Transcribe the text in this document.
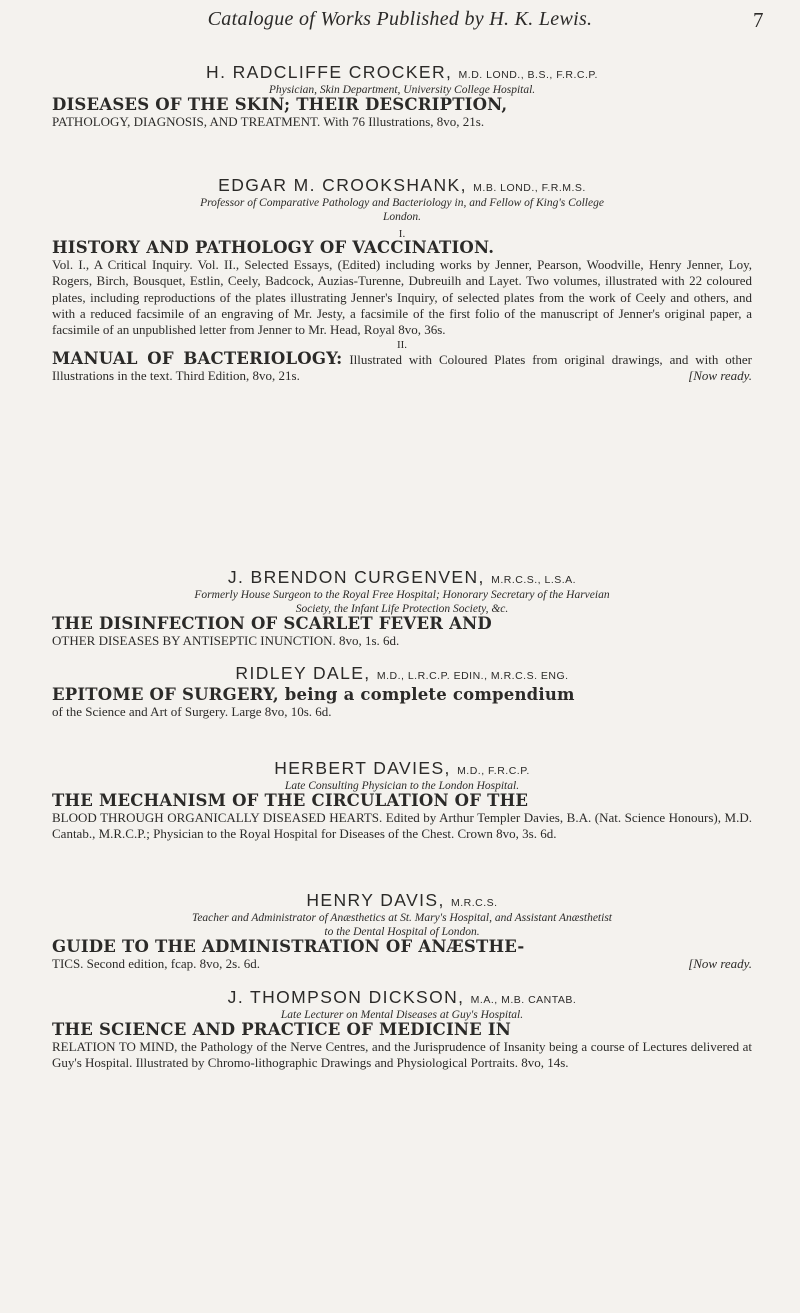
Catalogue of Works Published by H. K. Lewis.	7

H. RADCLIFFE CROCKER, M.D. LOND., B.S., F.R.C.P.

Physician, Skin Department, University College Hospital.

DISEASES OF THE SKIN; THEIR DESCRIPTION,
PATHOLOGY, DIAGNOSIS, AND TREATMENT. With 76 Illustrations, 8vo, 21s.

EDGAR M. CROOKSHANK, M.B. LOND., F.R.M.S.

Professor of Comparative Pathology and Bacteriology in, and Fellow of King's College

London.

I.

HISTORY AND PATHOLOGY OF VACCINATION.
Vol. I., A Critical Inquiry. Vol. II., Selected Essays, (Edited) including works by Jenner, Pearson, Woodville, Henry Jenner, Loy, Rogers, Birch, Bousquet, Estlin, Ceely, Badcock, Auzias-Turenne, Dubreuilh and Layet. Two volumes, illustrated with 22 coloured plates, including reproductions of the plates illustrating Jenner's Inquiry, of selected plates from the work of Ceely and others, and with a reduced facsimile of an engraving of Mr. Jesty, a facsimile of the first folio of the manuscript of Jenner's original paper, a facsimile of an unpublished letter from Jenner to Mr. Head, Royal 8vo, 36s.

II.

MANUAL OF BACTERIOLOGY: Illustrated with Coloured Plates from original drawings, and with other Illustrations in the text. Third Edition, 8vo, 21s.	[Now ready.

J. BRENDON CURGENVEN, M.R.C.S., L.S.A.

Formerly House Surgeon to the Royal Free Hospital; Honorary Secretary of the Harveian

Society, the Infant Life Protection Society, &c.

THE DISINFECTION OF SCARLET FEVER AND
OTHER DISEASES BY ANTISEPTIC INUNCTION. 8vo, 1s. 6d.

RIDLEY DALE, M.D., L.R.C.P. EDIN., M.R.C.S. ENG.

EPITOME OF SURGERY, being a complete compendium
of the Science and Art of Surgery. Large 8vo, 10s. 6d.

HERBERT DAVIES, M.D., F.R.C.P.

Late Consulting Physician to the London Hospital.

THE MECHANISM OF THE CIRCULATION OF THE
BLOOD THROUGH ORGANICALLY DISEASED HEARTS. Edited by Arthur Templer Davies, B.A. (Nat. Science Honours), M.D. Cantab., M.R.C.P.; Physician to the Royal Hospital for Diseases of the Chest. Crown 8vo, 3s. 6d.

HENRY DAVIS, M.R.C.S.

Teacher and Administrator of Anæsthetics at St. Mary's Hospital, and Assistant Anæsthetist

to the Dental Hospital of London.

GUIDE TO THE ADMINISTRATION OF ANÆSTHE-
TICS. Second edition, fcap. 8vo, 2s. 6d.	[Now ready.

J. THOMPSON DICKSON, M.A., M.B. CANTAB.

Late Lecturer on Mental Diseases at Guy's Hospital.

THE SCIENCE AND PRACTICE OF MEDICINE IN
RELATION TO MIND, the Pathology of the Nerve Centres, and the Jurisprudence of Insanity being a course of Lectures delivered at Guy's Hospital. Illustrated by Chromo-lithographic Drawings and Physiological Portraits. 8vo, 14s.
